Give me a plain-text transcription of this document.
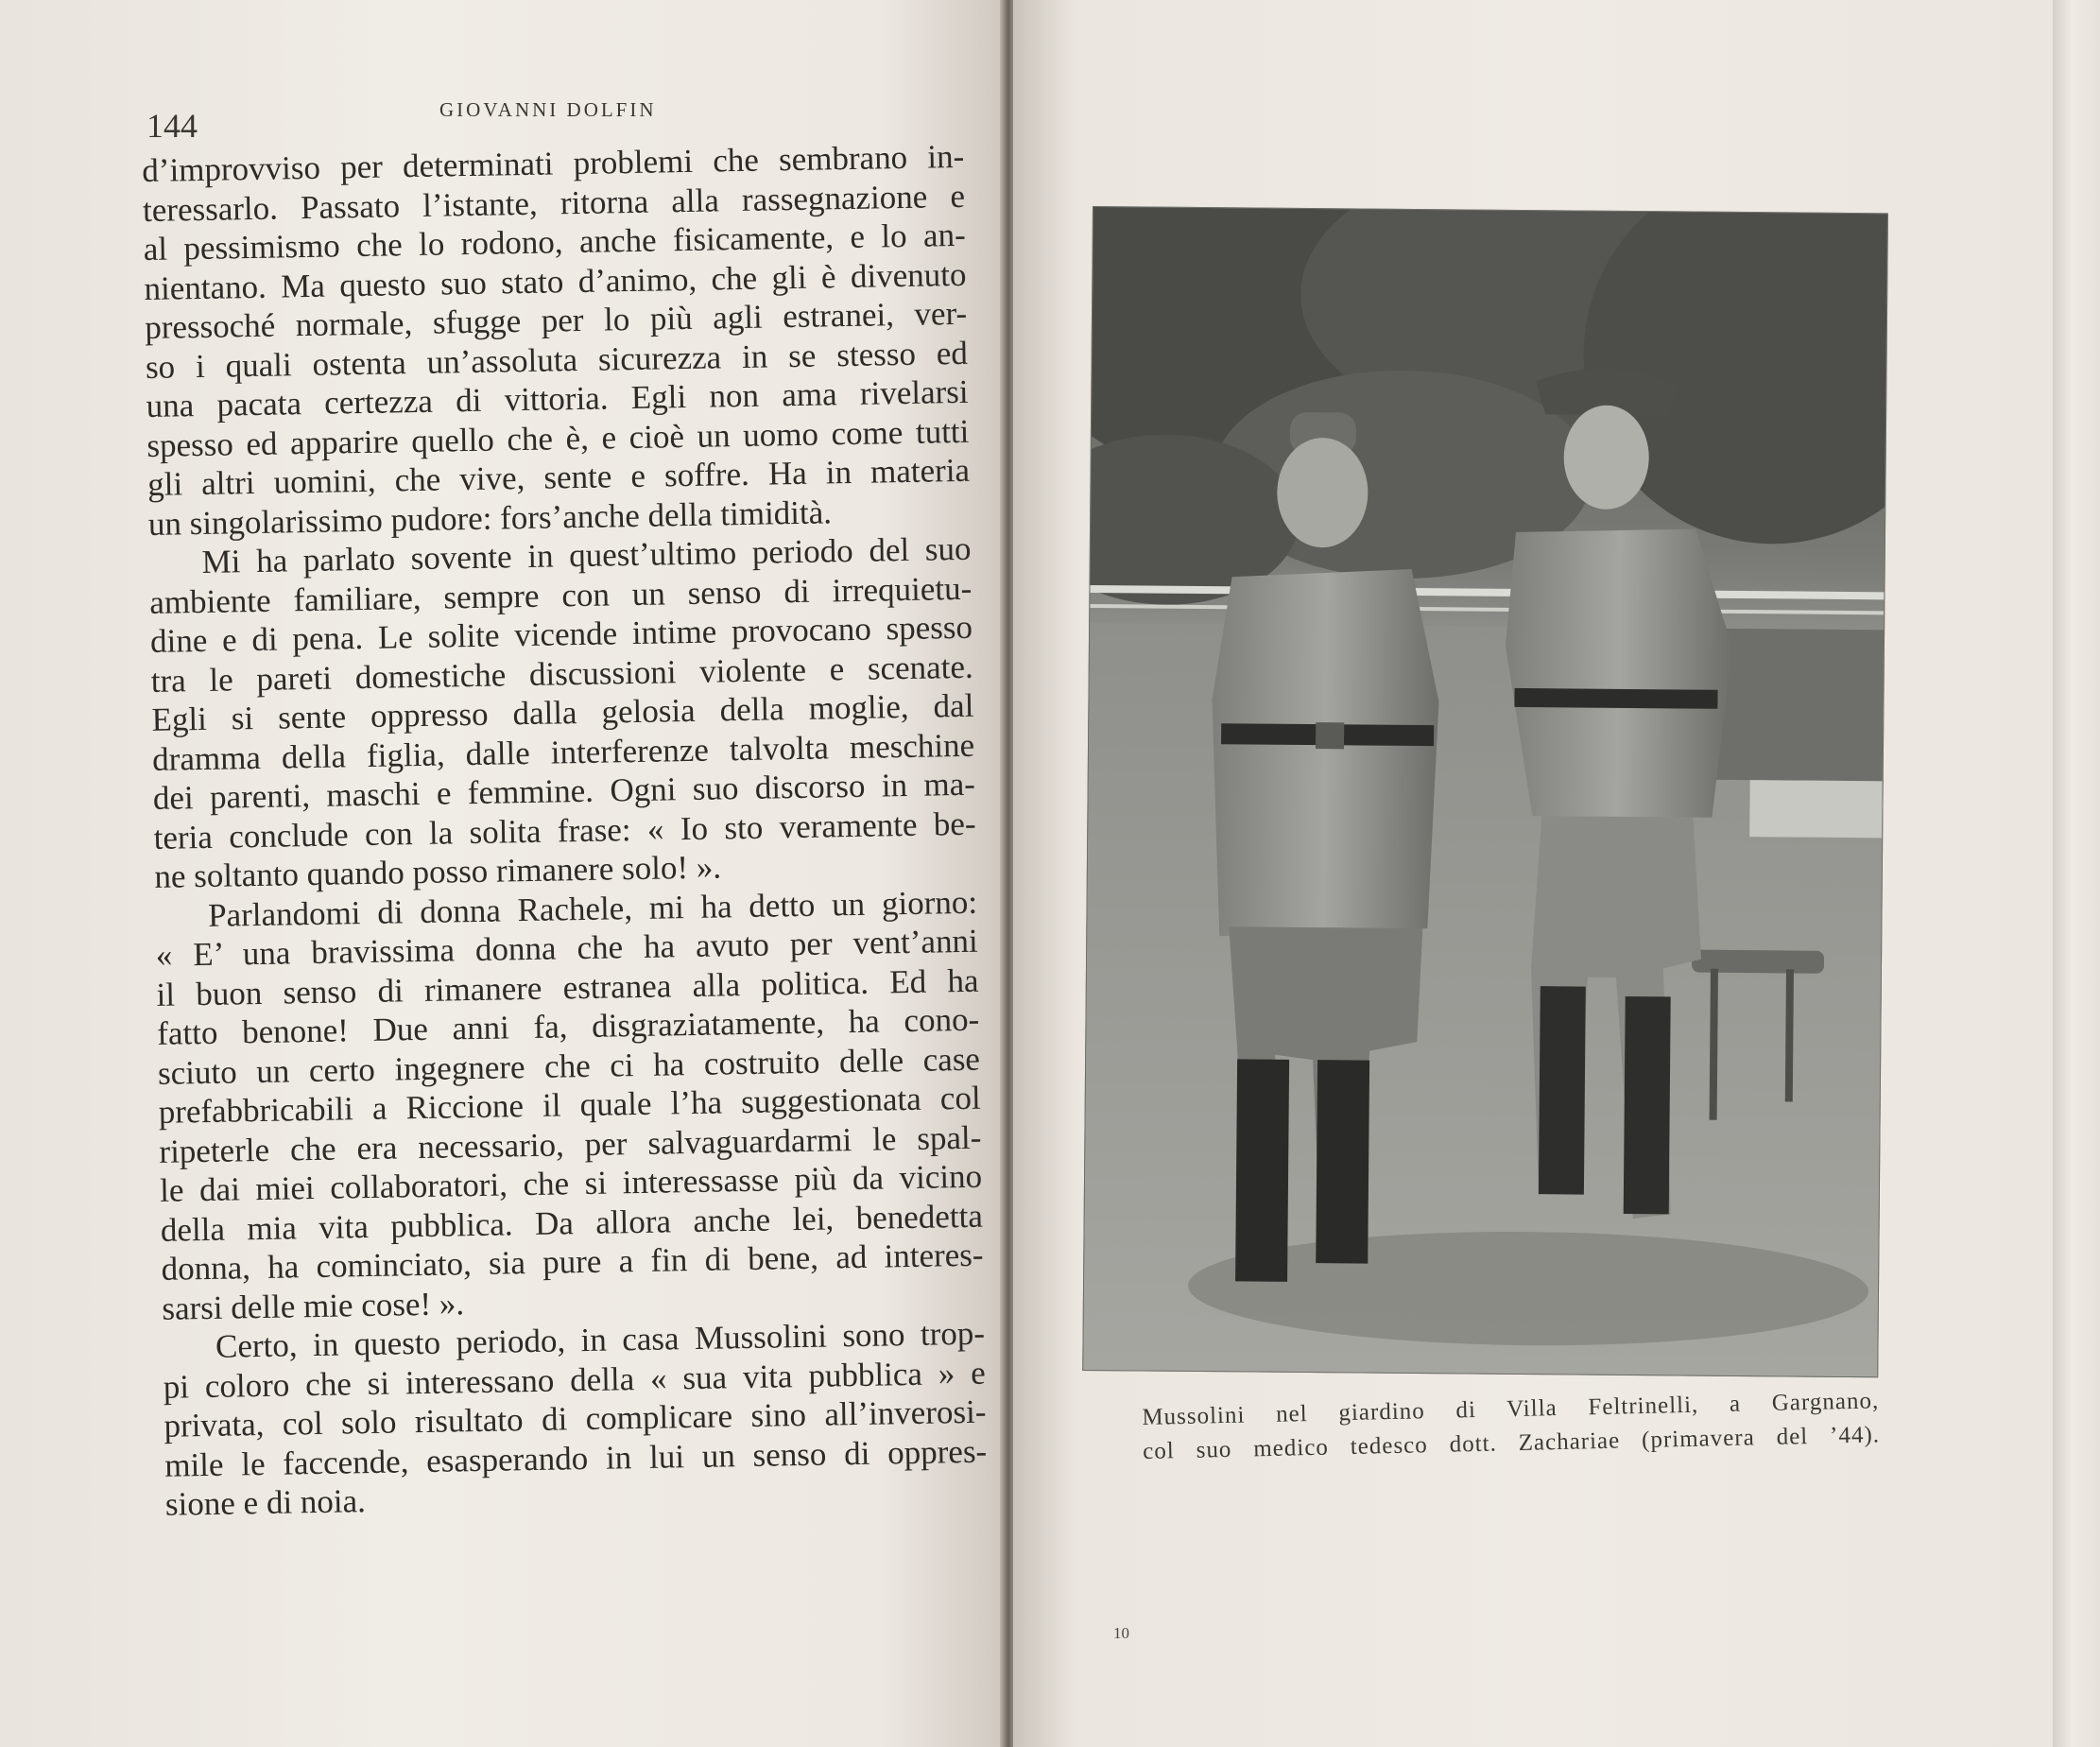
144	GIOVANNI DOLFIN
d’improvviso per determinati problemi che sembrano in-
teressarlo. Passato l’istante, ritorna alla rassegnazione e
al pessimismo che lo rodono, anche fisicamente, e lo an-
nientano. Ma questo suo stato d’animo, che gli è divenuto
pressoché normale, sfugge per lo più agli estranei, ver-
so i quali ostenta un’assoluta sicurezza in se stesso ed
una pacata certezza di vittoria. Egli non ama rivelarsi
spesso ed apparire quello che è, e cioè un uomo come tutti
gli altri uomini, che vive, sente e soffre. Ha in materia
un singolarissimo pudore: fors’anche della timidità.
Mi ha parlato sovente in quest’ultimo periodo del suo
ambiente familiare, sempre con un senso di irrequietu-
dine e di pena. Le solite vicende intime provocano spesso
tra le pareti domestiche discussioni violente e scenate.
Egli si sente oppresso dalla gelosia della moglie, dal
dramma della figlia, dalle interferenze talvolta meschine
dei parenti, maschi e femmine. Ogni suo discorso in ma-
teria conclude con la solita frase: « Io sto veramente be-
ne soltanto quando posso rimanere solo! ».
Parlandomi di donna Rachele, mi ha detto un giorno:
« E’ una bravissima donna che ha avuto per vent’anni
il buon senso di rimanere estranea alla politica. Ed ha
fatto benone! Due anni fa, disgraziatamente, ha cono-
sciuto un certo ingegnere che ci ha costruito delle case
prefabbricabili a Riccione il quale l’ha suggestionata col
ripeterle che era necessario, per salvaguardarmi le spal-
le dai miei collaboratori, che si interessasse più da vicino
della mia vita pubblica. Da allora anche lei, benedetta
donna, ha cominciato, sia pure a fin di bene, ad interes-
sarsi delle mie cose! ».
Certo, in questo periodo, in casa Mussolini sono trop-
pi coloro che si interessano della « sua vita pubblica » e
privata, col solo risultato di complicare sino all’inverosi-
mile le faccende, esasperando in lui un senso di oppres-
sione e di noia.
Mussolini nel giardino di Villa Feltrinelli, a Gargnano,
col suo medico tedesco dott. Zachariae (primavera del ’44).
10
